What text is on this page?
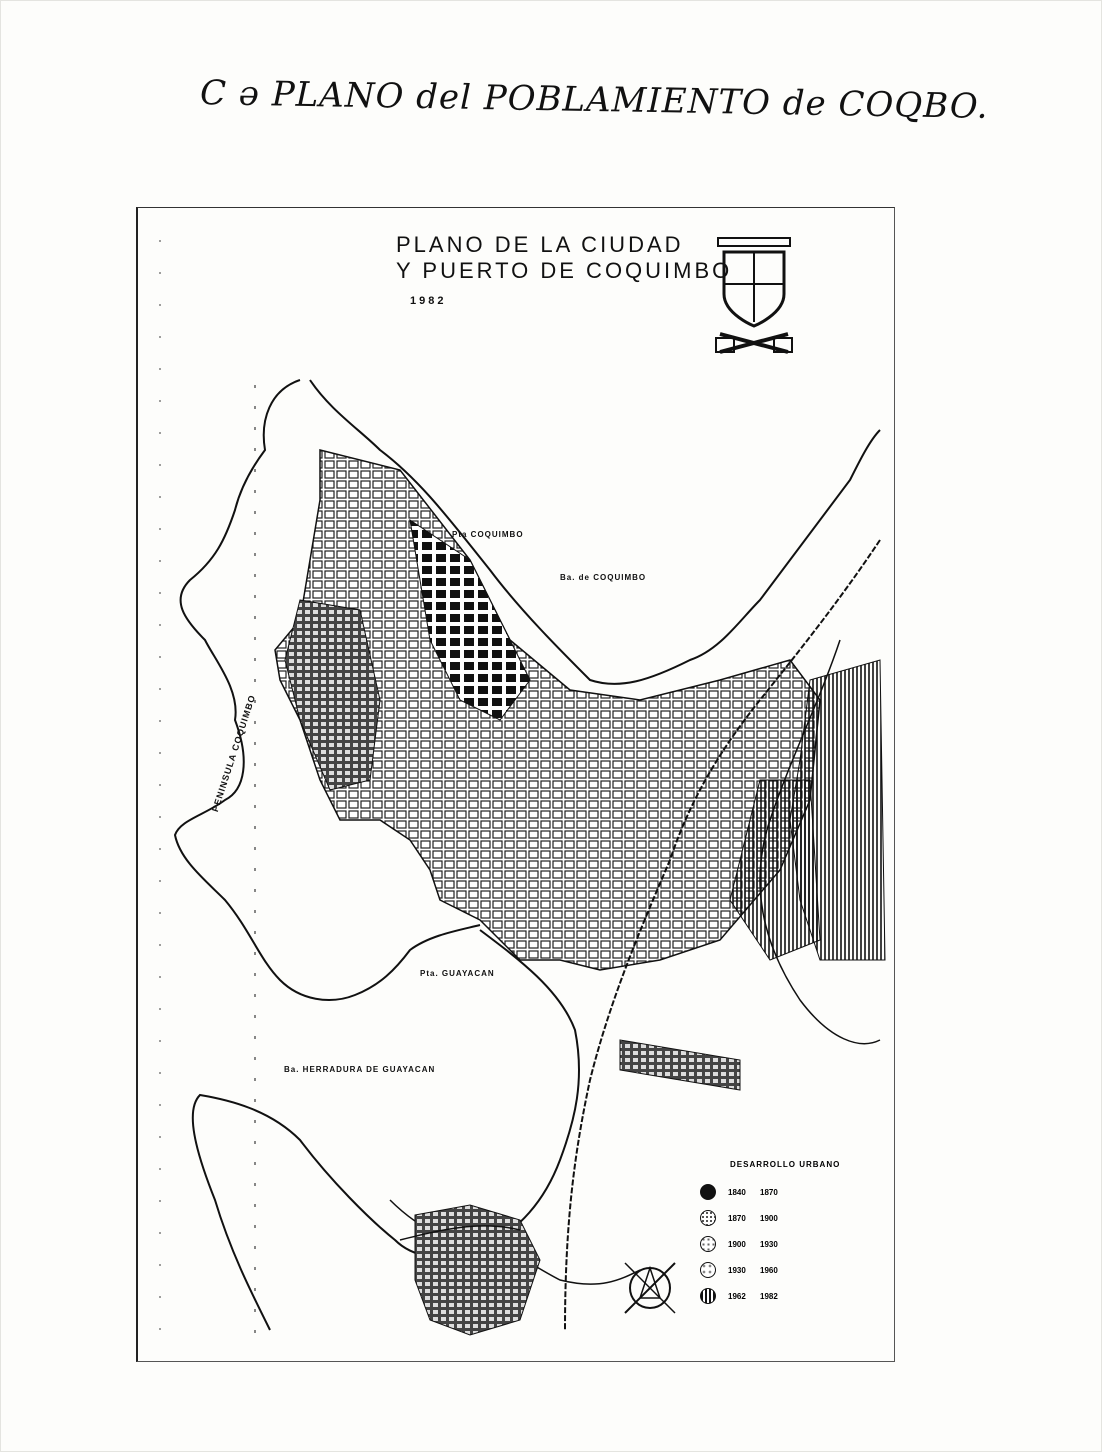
C ə PLANO del POBLAMIENTO de COQBO.
PLANO DE LA CIUDAD
Y PUERTO DE COQUIMBO
1982
Pta COQUIMBO
Ba. de COQUIMBO
PENINSULA COQUIMBO
Pta. GUAYACAN
Ba. HERRADURA DE GUAYACAN
DESARROLLO URBANO
1840	1870
1870	1900
1900	1930
1930	1960
1962	1982
